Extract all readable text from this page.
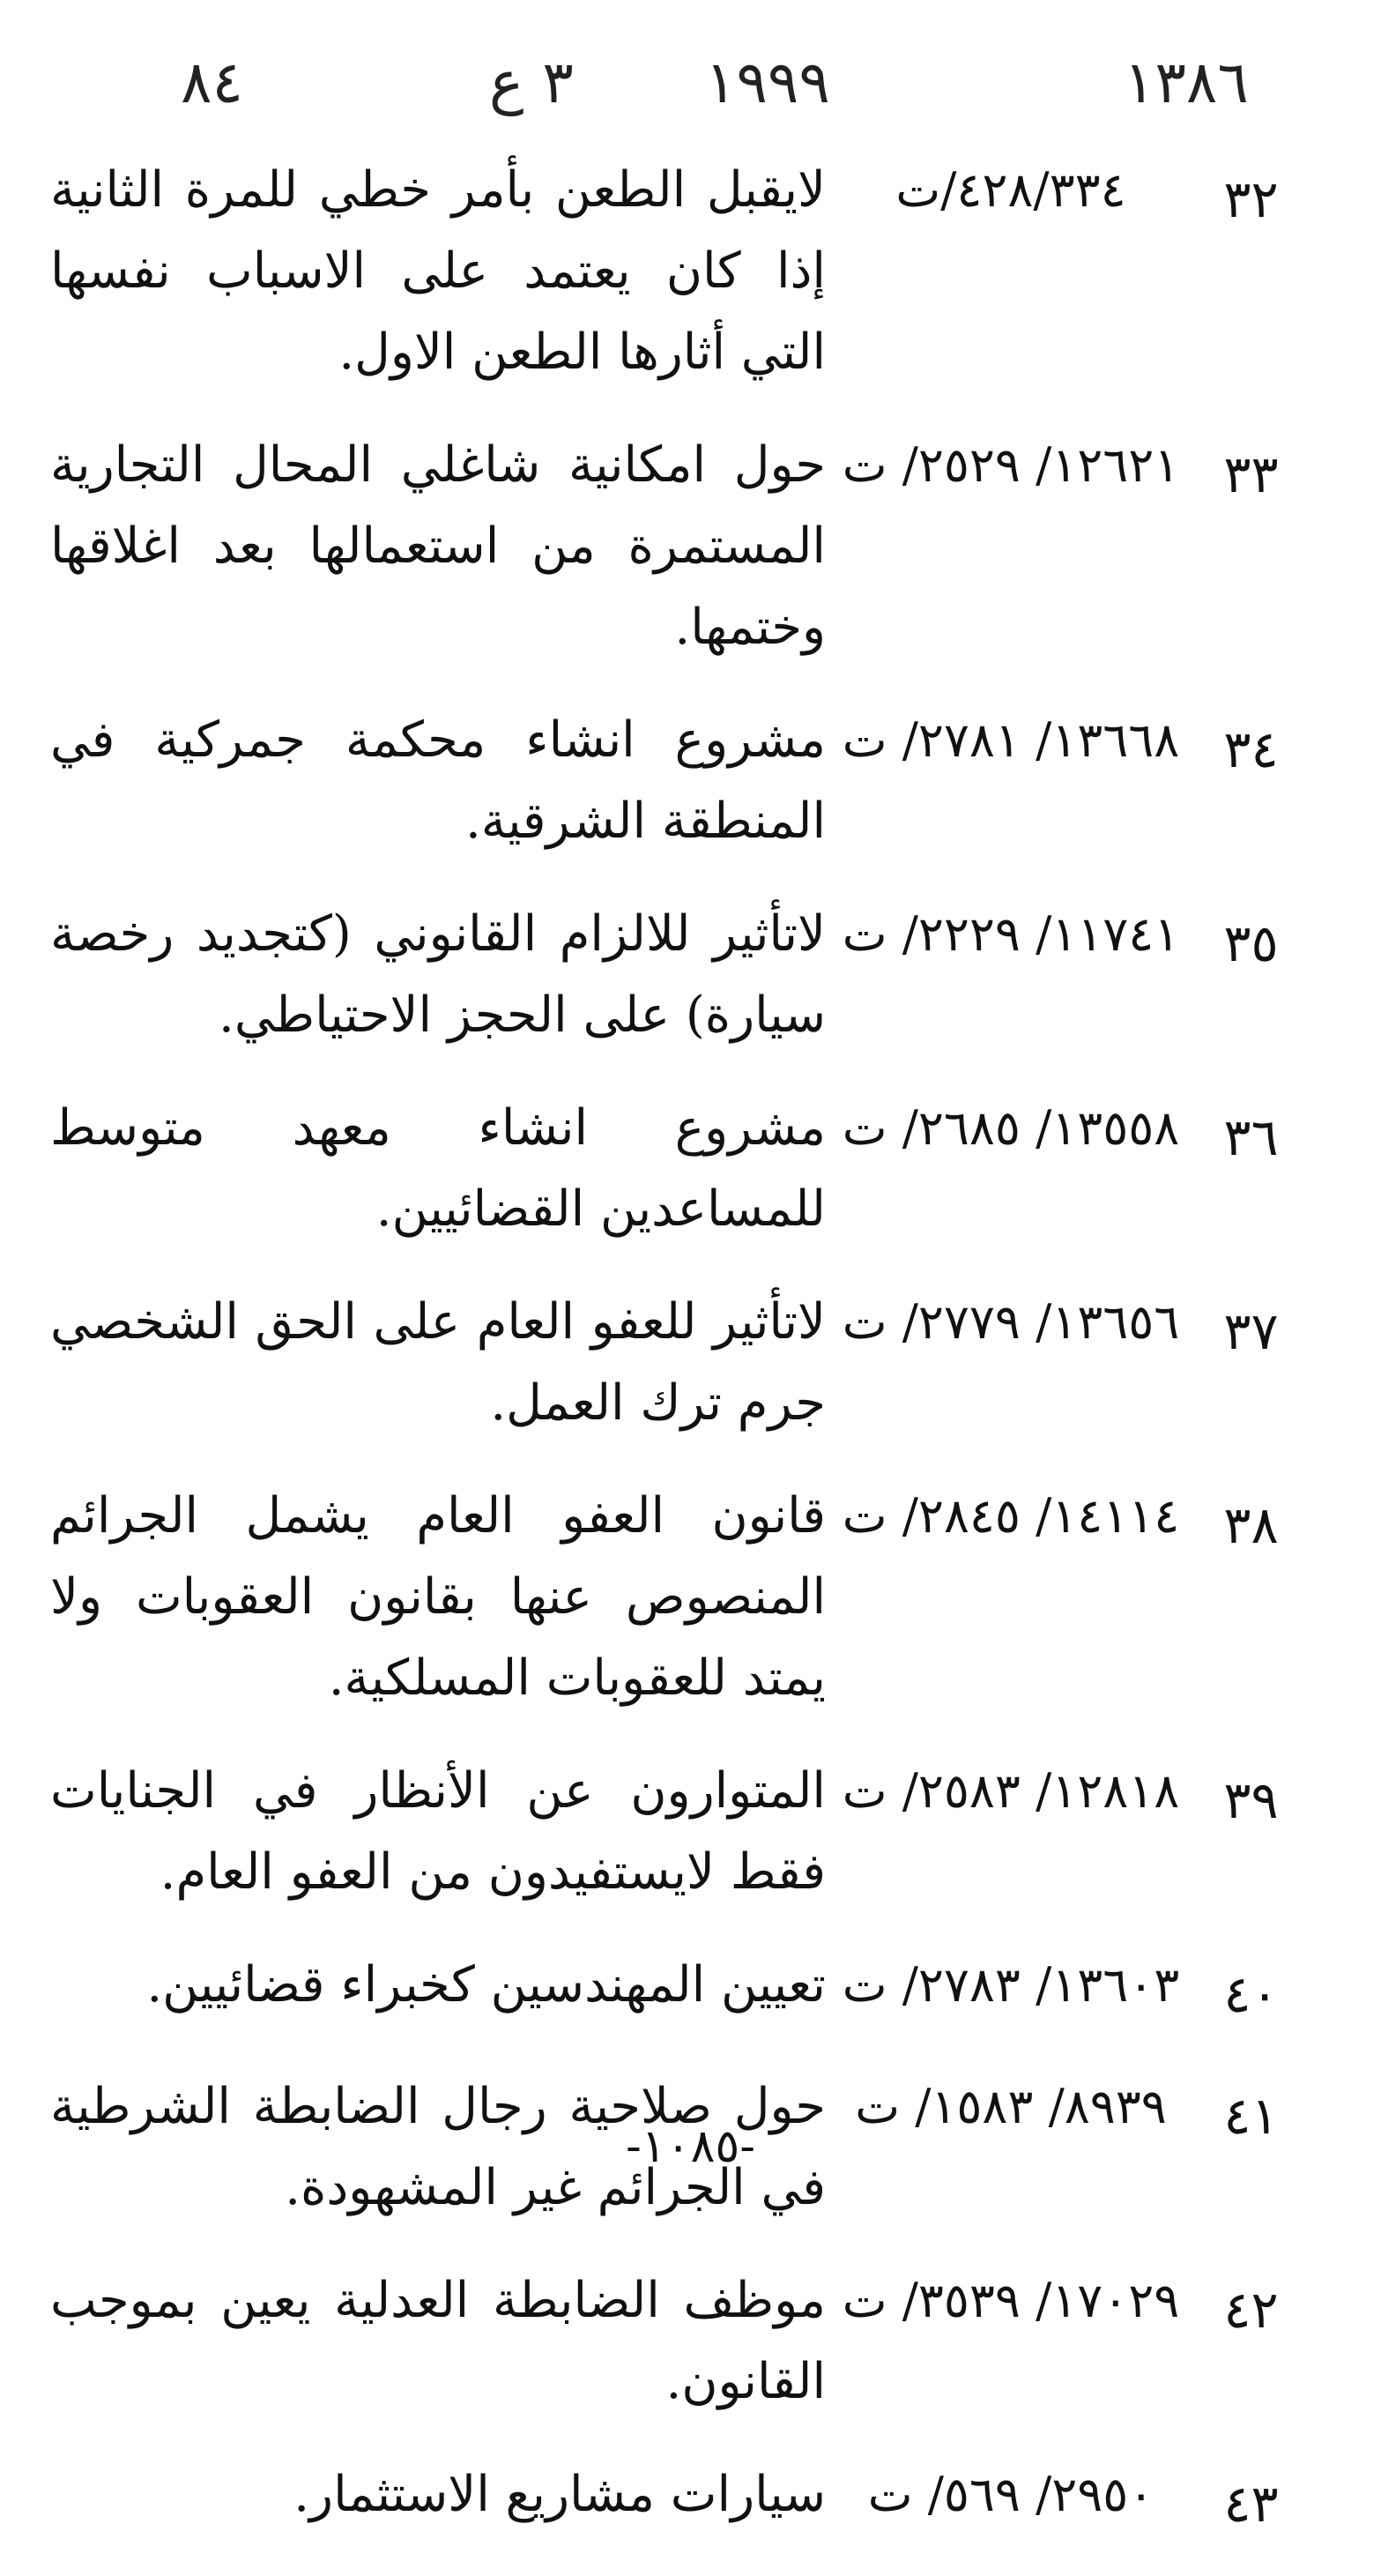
٨٤	٣ ع ١٩٩٩	١٣٨٦
٣٢
٤٢٨/٣٣٤/ت
لايقبل الطعن بأمر خطي للمرة الثانية إذا كان يعتمد على الاسباب نفسها التي أثارها الطعن الاول.
٣٣
١٢٦٢١/ ٢٥٢٩/ ت
حول امكانية شاغلي المحال التجارية المستمرة من استعمالها بعد اغلاقها وختمها.
٣٤
١٣٦٦٨/ ٢٧٨١/ ت
مشروع انشاء محكمة جمركية في المنطقة الشرقية.
٣٥
١١٧٤١/ ٢٢٢٩/ ت
لاتأثير للالزام القانوني (كتجديد رخصة سيارة) على الحجز الاحتياطي.
٣٦
١٣٥٥٨/ ٢٦٨٥/ ت
مشروع انشاء معهد متوسط للمساعدين القضائيين.
٣٧
١٣٦٥٦/ ٢٧٧٩/ ت
لاتأثير للعفو العام على الحق الشخصي جرم ترك العمل.
٣٨
١٤١١٤/ ٢٨٤٥/ ت
قانون العفو العام يشمل الجرائم المنصوص عنها بقانون العقوبات ولا يمتد للعقوبات المسلكية.
٣٩
١٢٨١٨/ ٢٥٨٣/ ت
المتوارون عن الأنظار في الجنايات فقط لايستفيدون من العفو العام.
٤٠
١٣٦٠٣/ ٢٧٨٣/ ت
تعيين المهندسين كخبراء قضائيين.
٤١
٨٩٣٩/ ١٥٨٣/ ت
حول صلاحية رجال الضابطة الشرطية في الجرائم غير المشهودة.
٤٢
١٧٠٢٩/ ٣٥٣٩/ ت
موظف الضابطة العدلية يعين بموجب القانون.
٤٣
٢٩٥٠/ ٥٦٩/ ت
سيارات مشاريع الاستثمار.
-١٠٨٥-
